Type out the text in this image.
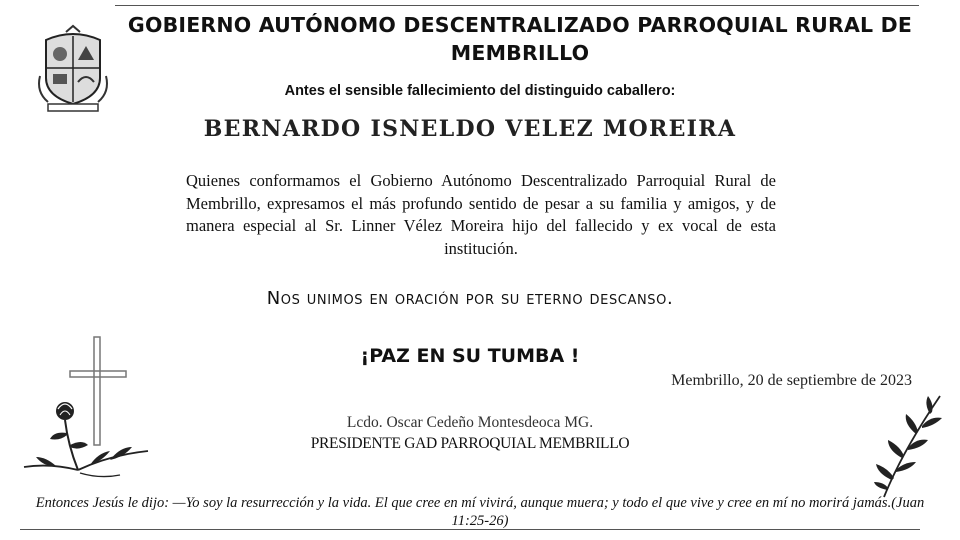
GOBIERNO AUTÓNOMO DESCENTRALIZADO PARROQUIAL RURAL DE MEMBRILLO
Antes el sensible fallecimiento del distinguido caballero:
BERNARDO ISNELDO VELEZ MOREIRA
Quienes conformamos el Gobierno Autónomo Descentralizado Parroquial Rural de Membrillo, expresamos el más profundo sentido de pesar a su familia y amigos, y de manera especial al Sr. Linner Vélez Moreira hijo del fallecido y ex vocal de esta institución.
Nos unimos en oración por su eterno descanso.
¡PAZ EN SU TUMBA !
Membrillo, 20 de septiembre de 2023
Lcdo. Oscar Cedeño Montesdeoca MG.
PRESIDENTE GAD PARROQUIAL MEMBRILLO
Entonces Jesús le dijo: —Yo soy la resurrección y la vida. El que cree en mí vivirá, aunque muera; y todo el que vive y cree en mí no morirá jamás.(Juan 11:25-26)
